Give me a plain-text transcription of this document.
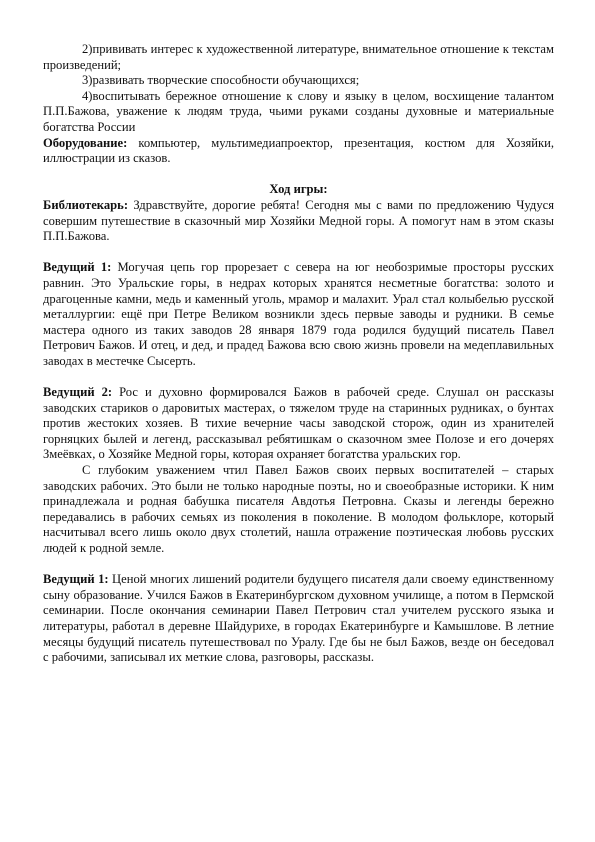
2)прививать интерес к художественной литературе, внимательное отношение к текстам произведений;

3)развивать творческие способности обучающихся;

4)воспитывать бережное отношение к слову и языку в целом, восхищение талантом П.П.Бажова, уважение к людям труда, чьими руками созданы духовные и материальные богатства России

Оборудование: компьютер, мультимедиапроектор, презентация, костюм для Хозяйки, иллюстрации из сказов.

Ход игры:

Библиотекарь: Здравствуйте, дорогие ребята! Сегодня мы с вами по предложению Чудуся совершим путешествие в сказочный мир Хозяйки Медной горы. А помогут нам в этом сказы П.П.Бажова.

Ведущий 1: Могучая цепь гор прорезает с севера на юг необозримые просторы русских равнин. Это Уральские горы, в недрах которых хранятся несметные богатства: золото и драгоценные камни, медь и каменный уголь, мрамор и малахит. Урал стал колыбелью русской металлургии: ещё при Петре Великом возникли здесь первые заводы и рудники. В семье мастера одного из таких заводов 28 января 1879 года родился будущий писатель Павел Петрович Бажов. И отец, и дед, и прадед Бажова всю свою жизнь провели на медеплавильных заводах в местечке Сысерть.

Ведущий 2: Рос и духовно формировался Бажов в рабочей среде. Слушал он рассказы заводских стариков о даровитых мастерах, о тяжелом труде на старинных рудниках, о бунтах против жестоких хозяев. В тихие вечерние часы заводской сторож, один из хранителей горняцких былей и легенд, рассказывал ребятишкам о сказочном змее Полозе и его дочерях Змеёвках, о Хозяйке Медной горы, которая охраняет богатства уральских гор.

С глубоким уважением чтил Павел Бажов своих первых воспитателей – старых заводских рабочих. Это были не только народные поэты, но и своеобразные историки. К ним принадлежала и родная бабушка писателя Авдотья Петровна. Сказы и легенды бережно передавались в рабочих семьях из поколения в поколение. В молодом фольклоре, который насчитывал всего лишь около двух столетий, нашла отражение поэтическая любовь русских людей к родной земле.

Ведущий 1: Ценой многих лишений родители будущего писателя дали своему единственному сыну образование. Учился Бажов в Екатеринбургском духовном училище, а потом в Пермской семинарии. После окончания семинарии Павел Петрович стал учителем русского языка и литературы, работал в деревне Шайдурихе, в городах Екатеринбурге и Камышлове. В летние месяцы будущий писатель путешествовал по Уралу. Где бы не был Бажов, везде он беседовал с рабочими, записывал их меткие слова, разговоры, рассказы.
